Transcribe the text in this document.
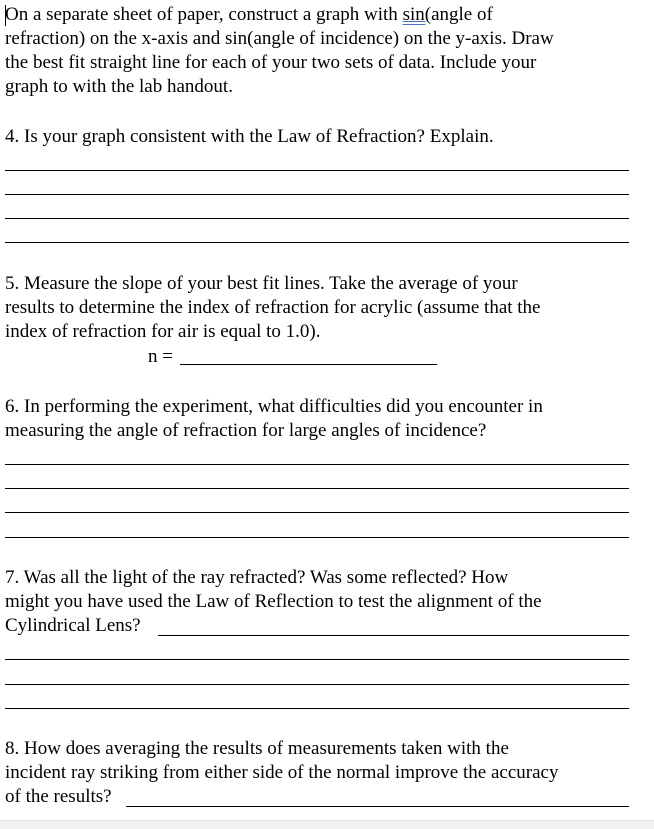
On a separate sheet of paper, construct a graph with sin(angle of
refraction) on the x-axis and sin(angle of incidence) on the y-axis. Draw
the best fit straight line for each of your two sets of data. Include your
graph to with the lab handout.
4. Is your graph consistent with the Law of Refraction? Explain.
5. Measure the slope of your best fit lines. Take the average of your
results to determine the index of refraction for acrylic (assume that the
index of refraction for air is equal to 1.0).
n =
6. In performing the experiment, what difficulties did you encounter in
measuring the angle of refraction for large angles of incidence?
7. Was all the light of the ray refracted? Was some reflected? How
might you have used the Law of Reflection to test the alignment of the
Cylindrical Lens?
8. How does averaging the results of measurements taken with the
incident ray striking from either side of the normal improve the accuracy
of the results?
